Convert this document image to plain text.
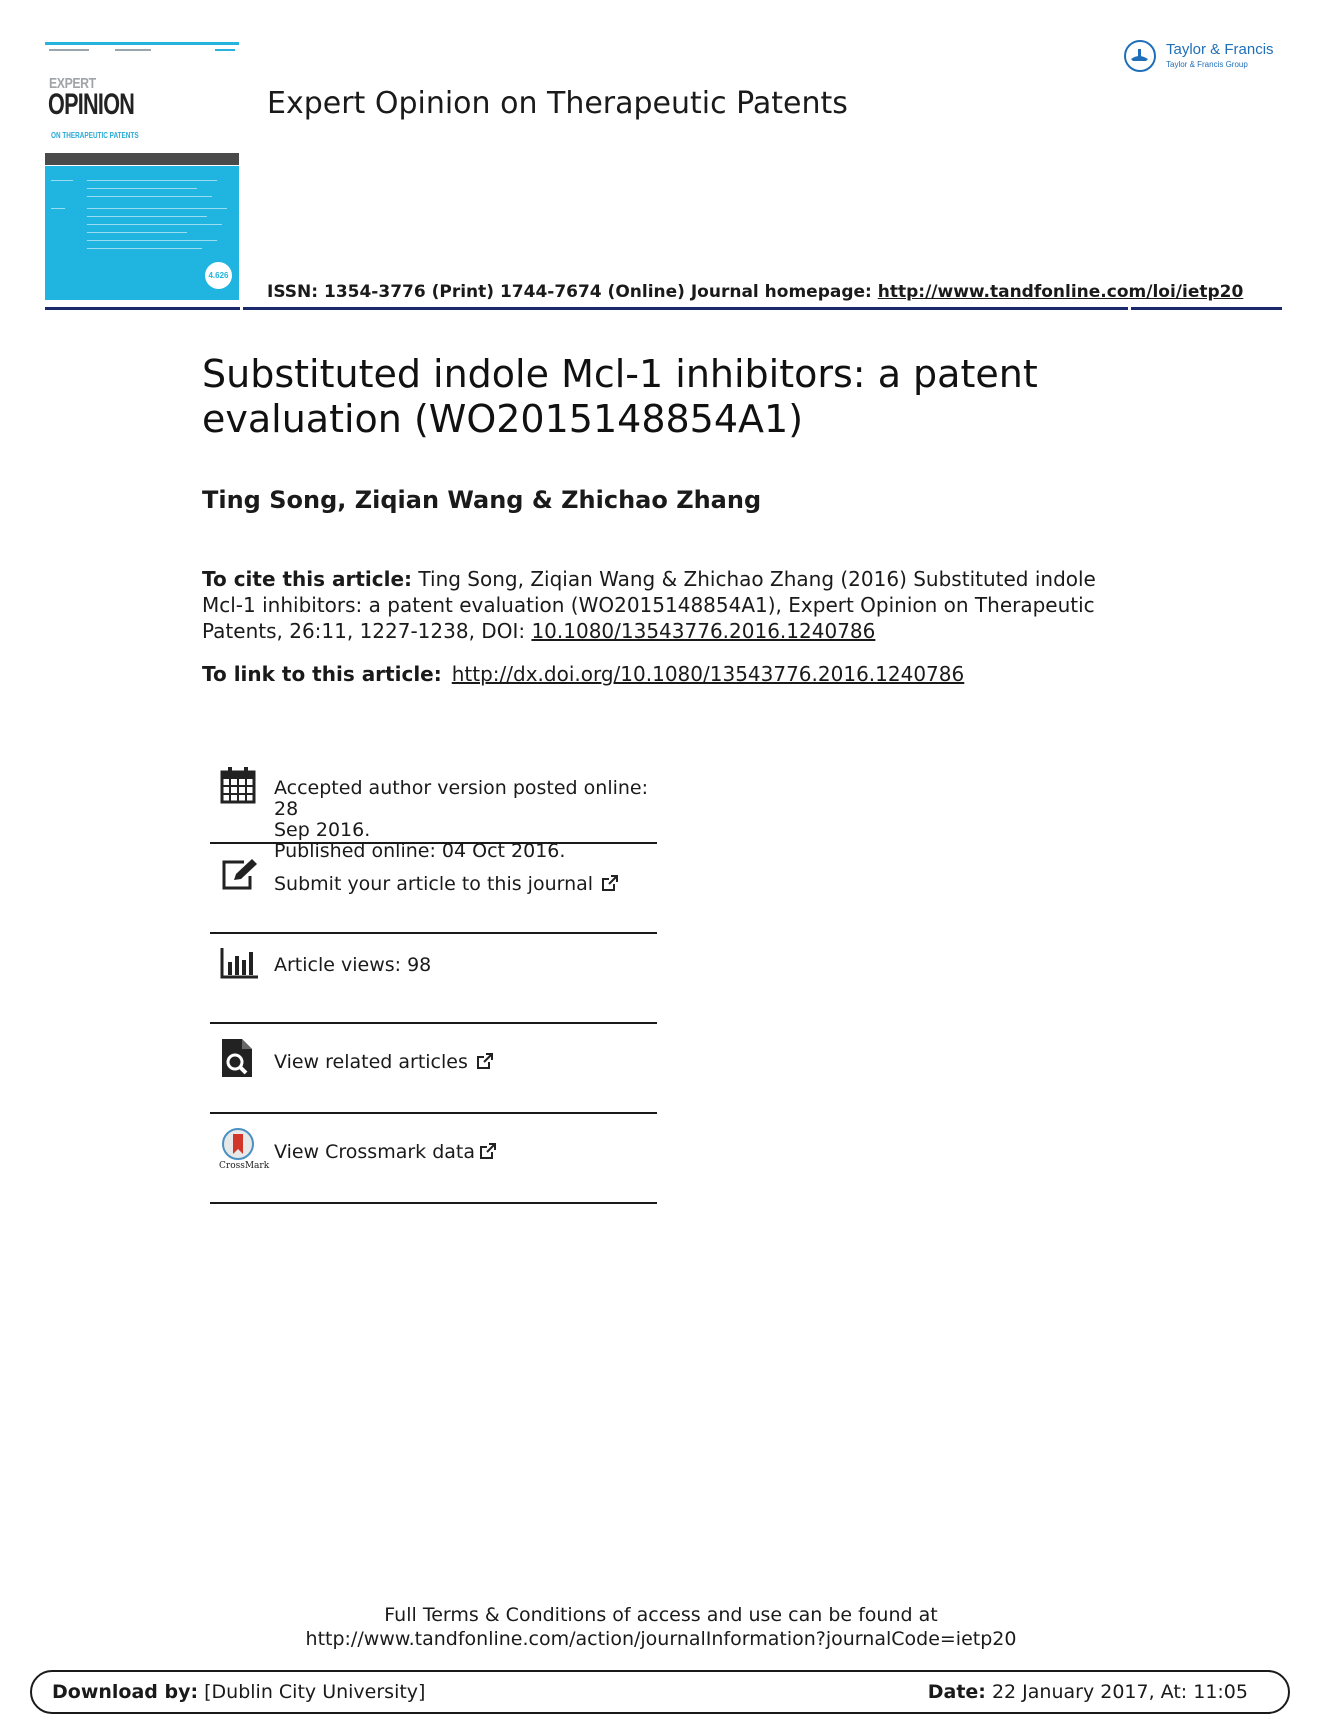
EXPERT
OPINION
ON THERAPEUTIC PATENTS
4.626
Expert Opinion on Therapeutic Patents
Taylor & Francis
Taylor & Francis Group
ISSN: 1354-3776 (Print) 1744-7674 (Online) Journal homepage: http://www.tandfonline.com/loi/ietp20
Substituted indole Mcl-1 inhibitors: a patent
evaluation (WO2015148854A1)
Ting Song, Ziqian Wang & Zhichao Zhang
To cite this article: Ting Song, Ziqian Wang & Zhichao Zhang (2016) Substituted indole Mcl-1 inhibitors: a patent evaluation (WO2015148854A1), Expert Opinion on Therapeutic Patents, 26:11, 1227-1238, DOI: 10.1080/13543776.2016.1240786
To link to this article: http://dx.doi.org/10.1080/13543776.2016.1240786
Accepted author version posted online: 28
Sep 2016.
Published online: 04 Oct 2016.
Submit your article to this journal
Article views: 98
View related articles
CrossMark
View Crossmark data
Full Terms & Conditions of access and use can be found at
http://www.tandfonline.com/action/journalInformation?journalCode=ietp20
Download by: [Dublin City University]	Date: 22 January 2017, At: 11:05
